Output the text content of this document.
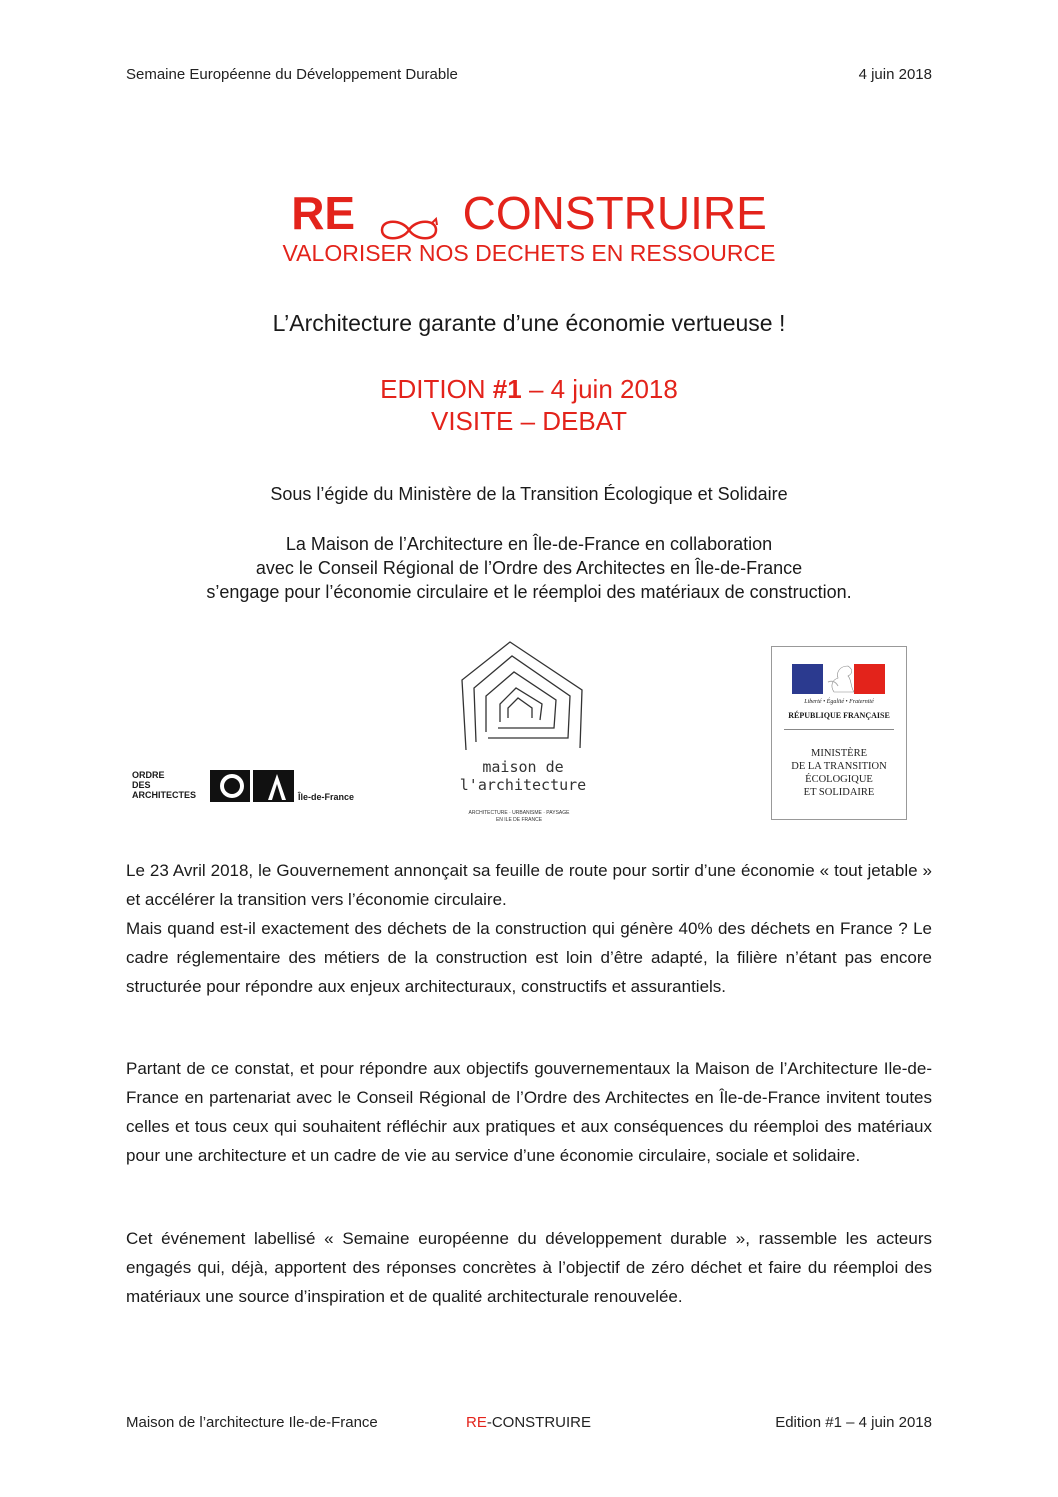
Semaine Européenne du Développement Durable	4 juin 2018
RE CONSTRUIRE
VALORISER NOS DECHETS EN RESSOURCE
L’Architecture garante d’une économie vertueuse !
EDITION #1 – 4 juin 2018
VISITE – DEBAT
Sous l’égide du Ministère de la Transition Écologique et Solidaire
La Maison de l’Architecture en Île-de-France en collaboration
avec le Conseil Régional de l’Ordre des Architectes en Île-de-France
s’engage pour l’économie circulaire et le réemploi des matériaux de construction.
ORDRE
DES
ARCHITECTES	Île-de-France
maison de
l'architecture
ARCHITECTURE · URBANISME · PAYSAGE
EN ILE DE FRANCE
Liberté • Égalité • Fraternité
RÉPUBLIQUE FRANÇAISE
MINISTÈRE
DE LA TRANSITION
ÉCOLOGIQUE
ET SOLIDAIRE
Le 23 Avril 2018, le Gouvernement annonçait sa feuille de route pour sortir d’une économie « tout jetable » et accélérer la transition vers l’économie circulaire.
Mais quand est-il exactement des déchets de la construction qui génère 40% des déchets en France ? Le cadre réglementaire des métiers de la construction est loin d’être adapté, la filière n’étant pas encore structurée pour répondre aux enjeux architecturaux, constructifs et assurantiels.
Partant de ce constat, et pour répondre aux objectifs gouvernementaux la Maison de l’Architecture Ile-de-France en partenariat avec le Conseil Régional de l’Ordre des Architectes en Île-de-France invitent toutes celles et tous ceux qui souhaitent réfléchir aux pratiques et aux conséquences du réemploi des matériaux pour une architecture et un cadre de vie au service d’une économie circulaire, sociale et solidaire.
Cet événement labellisé « Semaine européenne du développement durable », rassemble les acteurs engagés qui, déjà, apportent des réponses concrètes à l’objectif de zéro déchet et faire du réemploi des matériaux une source d’inspiration et de qualité architecturale renouvelée.
Maison de l’architecture Ile-de-France	RE-CONSTRUIRE	Edition #1 – 4 juin 2018
